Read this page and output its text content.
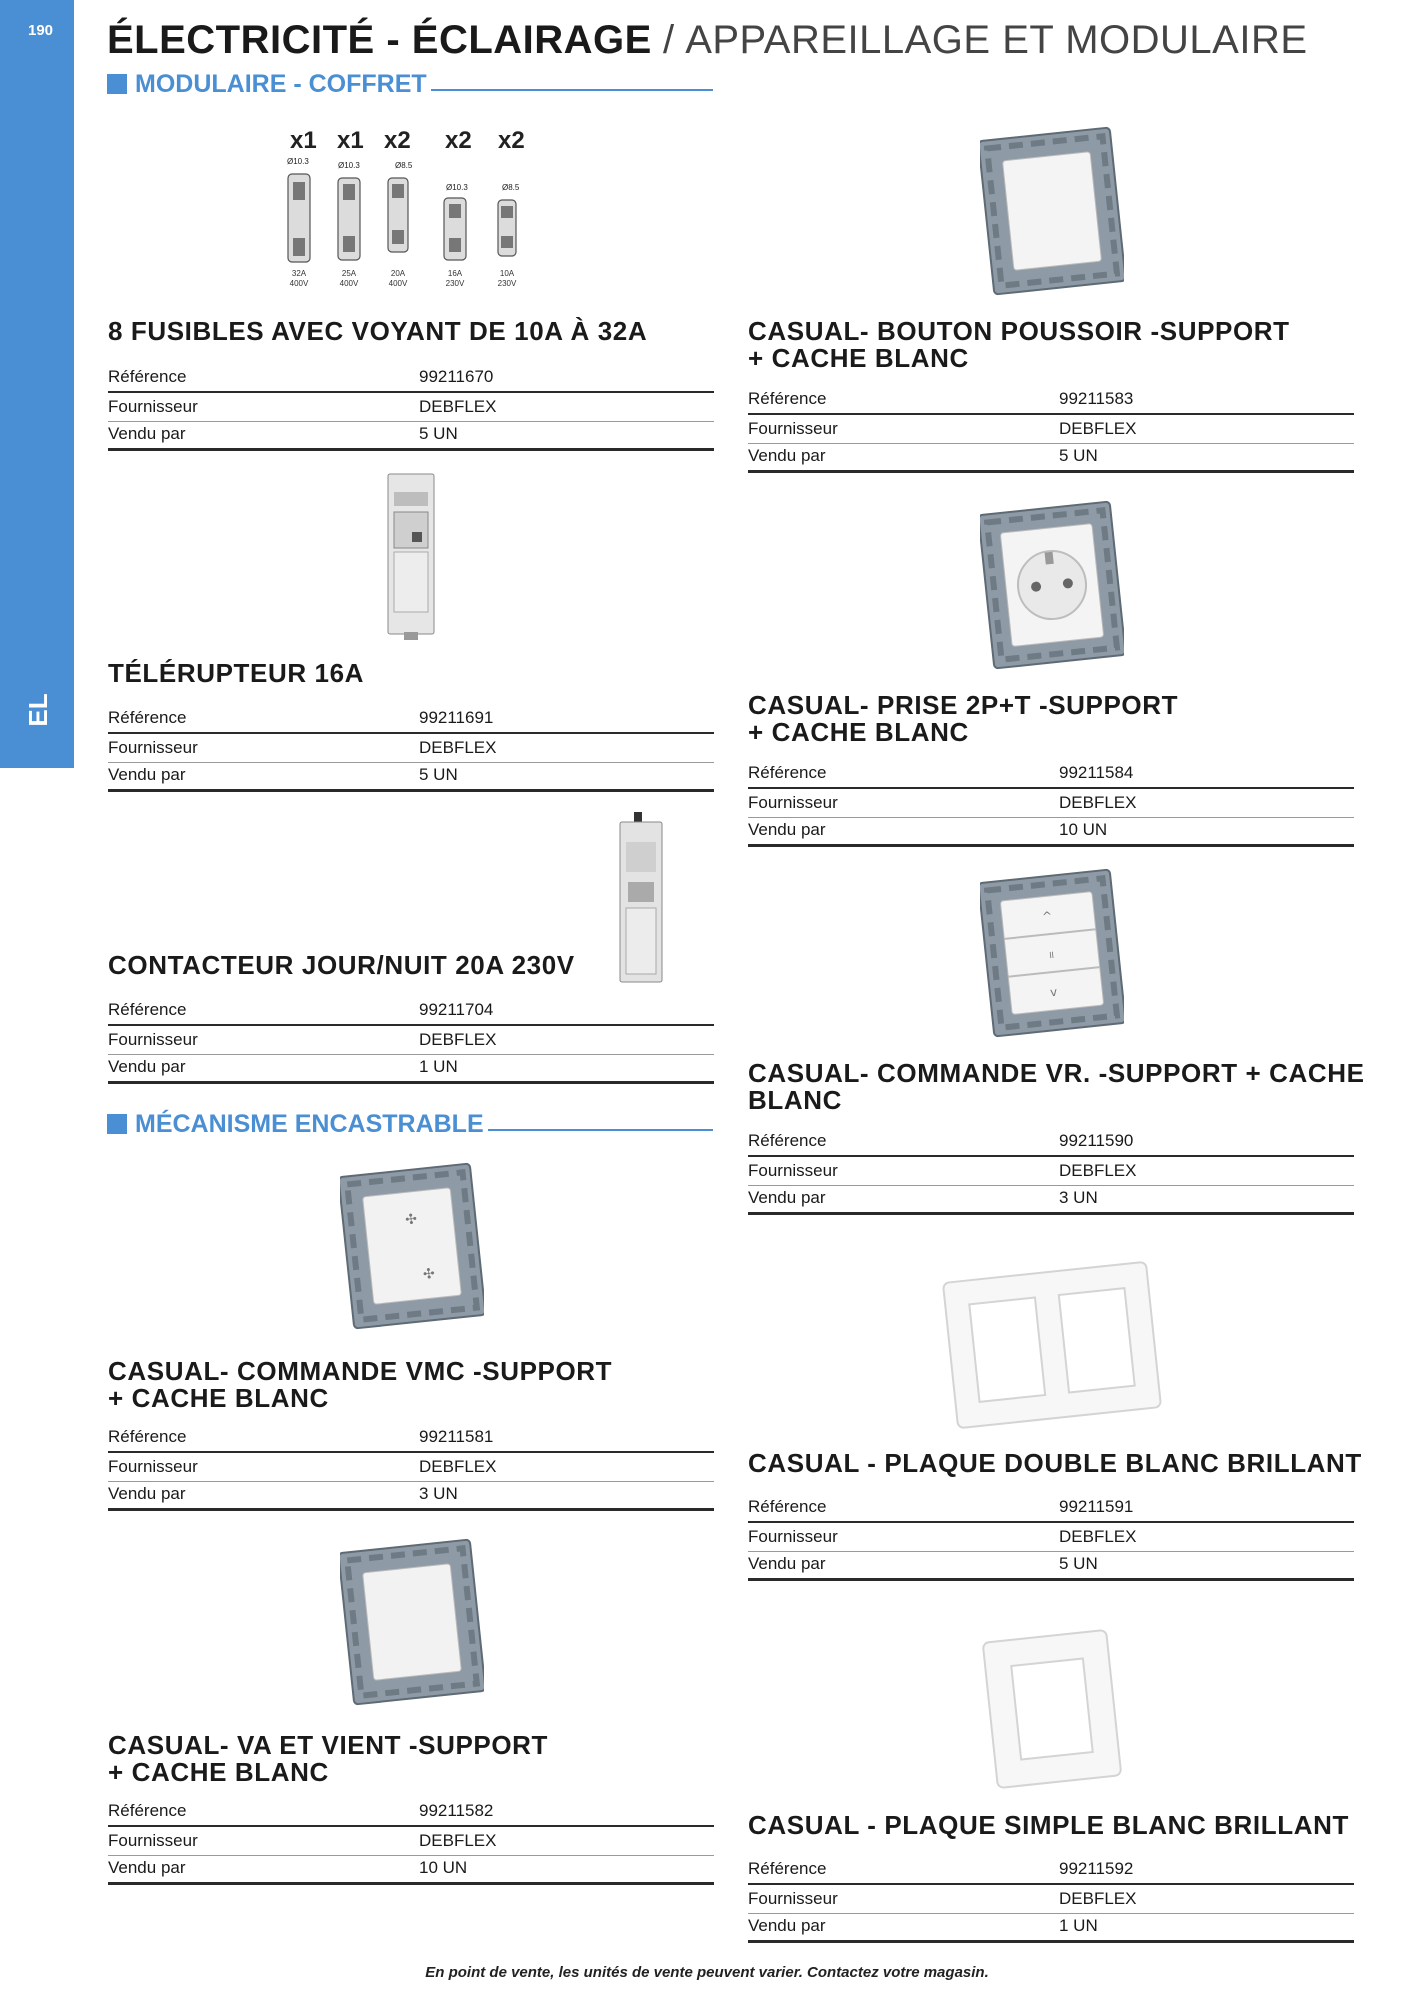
190
EL
ÉLECTRICITÉ - ÉCLAIRAGE / APPAREILLAGE ET MODULAIRE
MODULAIRE - COFFRET
MÉCANISME ENCASTRABLE
x1 x1 x2 x2 x2
Ø10.3	Ø10.3	Ø8.5
Ø10.3	Ø8.5
32A	25A	20A	16A	10A
400V	400V	400V	230V	230V
✣
✣
^
॥
v
8 FUSIBLES AVEC VOYANT DE 10A À 32A
Référence	99211670
Fournisseur	DEBFLEX
Vendu par	5 UN
TÉLÉRUPTEUR 16A
Référence	99211691
Fournisseur	DEBFLEX
Vendu par	5 UN
CONTACTEUR JOUR/NUIT 20A 230V
Référence	99211704
Fournisseur	DEBFLEX
Vendu par	1 UN
CASUAL- COMMANDE VMC -SUPPORT
+ CACHE BLANC
Référence	99211581
Fournisseur	DEBFLEX
Vendu par	3 UN
CASUAL- VA ET VIENT -SUPPORT
+ CACHE BLANC
Référence	99211582
Fournisseur	DEBFLEX
Vendu par	10 UN
CASUAL- BOUTON POUSSOIR -SUPPORT
+ CACHE BLANC
Référence	99211583
Fournisseur	DEBFLEX
Vendu par	5 UN
CASUAL- PRISE 2P+T -SUPPORT
+ CACHE BLANC
Référence	99211584
Fournisseur	DEBFLEX
Vendu par	10 UN
CASUAL- COMMANDE VR. -SUPPORT + CACHE
BLANC
Référence	99211590
Fournisseur	DEBFLEX
Vendu par	3 UN
CASUAL - PLAQUE DOUBLE BLANC BRILLANT
Référence	99211591
Fournisseur	DEBFLEX
Vendu par	5 UN
CASUAL - PLAQUE SIMPLE BLANC BRILLANT
Référence	99211592
Fournisseur	DEBFLEX
Vendu par	1 UN
En point de vente, les unités de vente peuvent varier. Contactez votre magasin.
